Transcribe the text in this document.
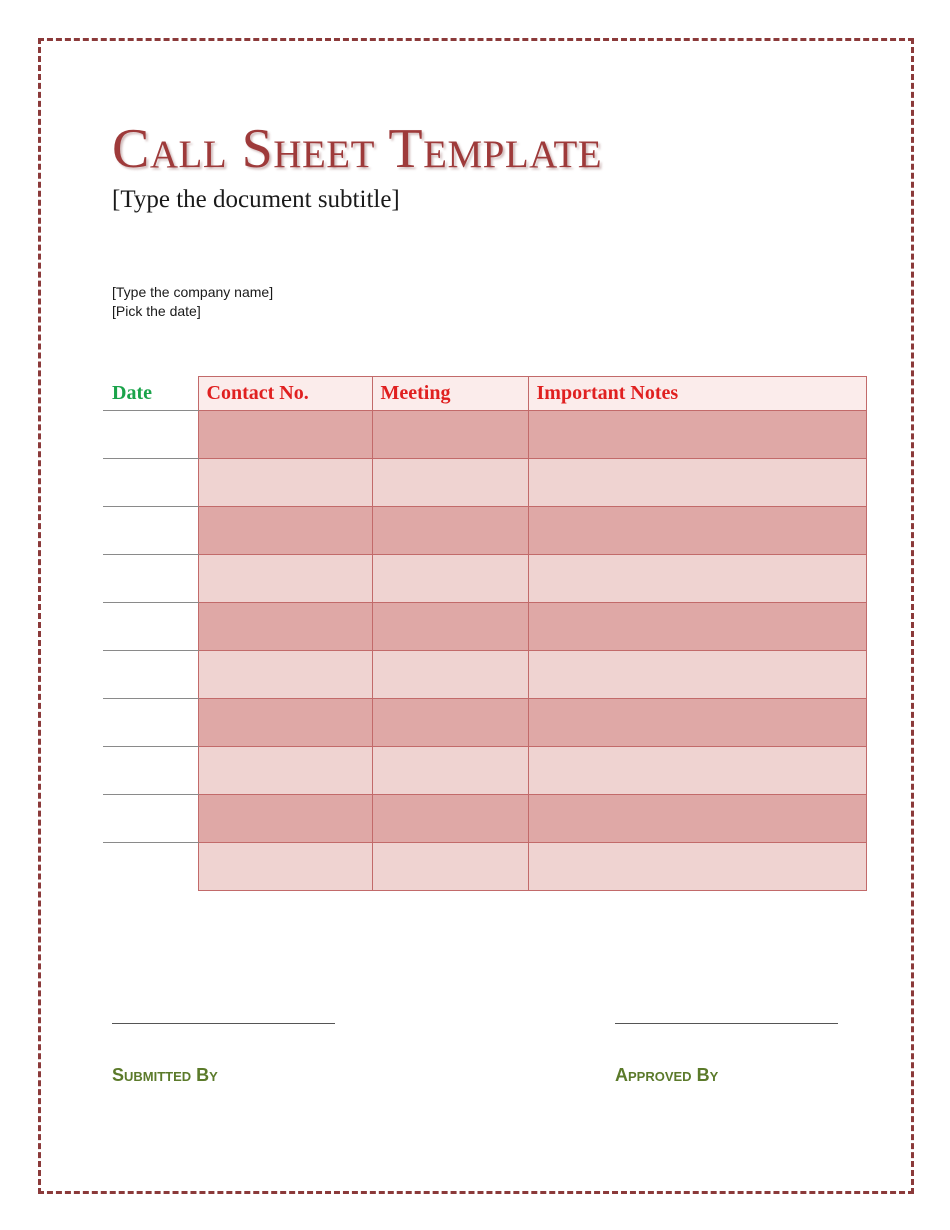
Call Sheet Template
[Type the document subtitle]
[Type the company name]
[Pick the date]
Date	Contact No.	Meeting	Important Notes

Submitted By	Approved By
